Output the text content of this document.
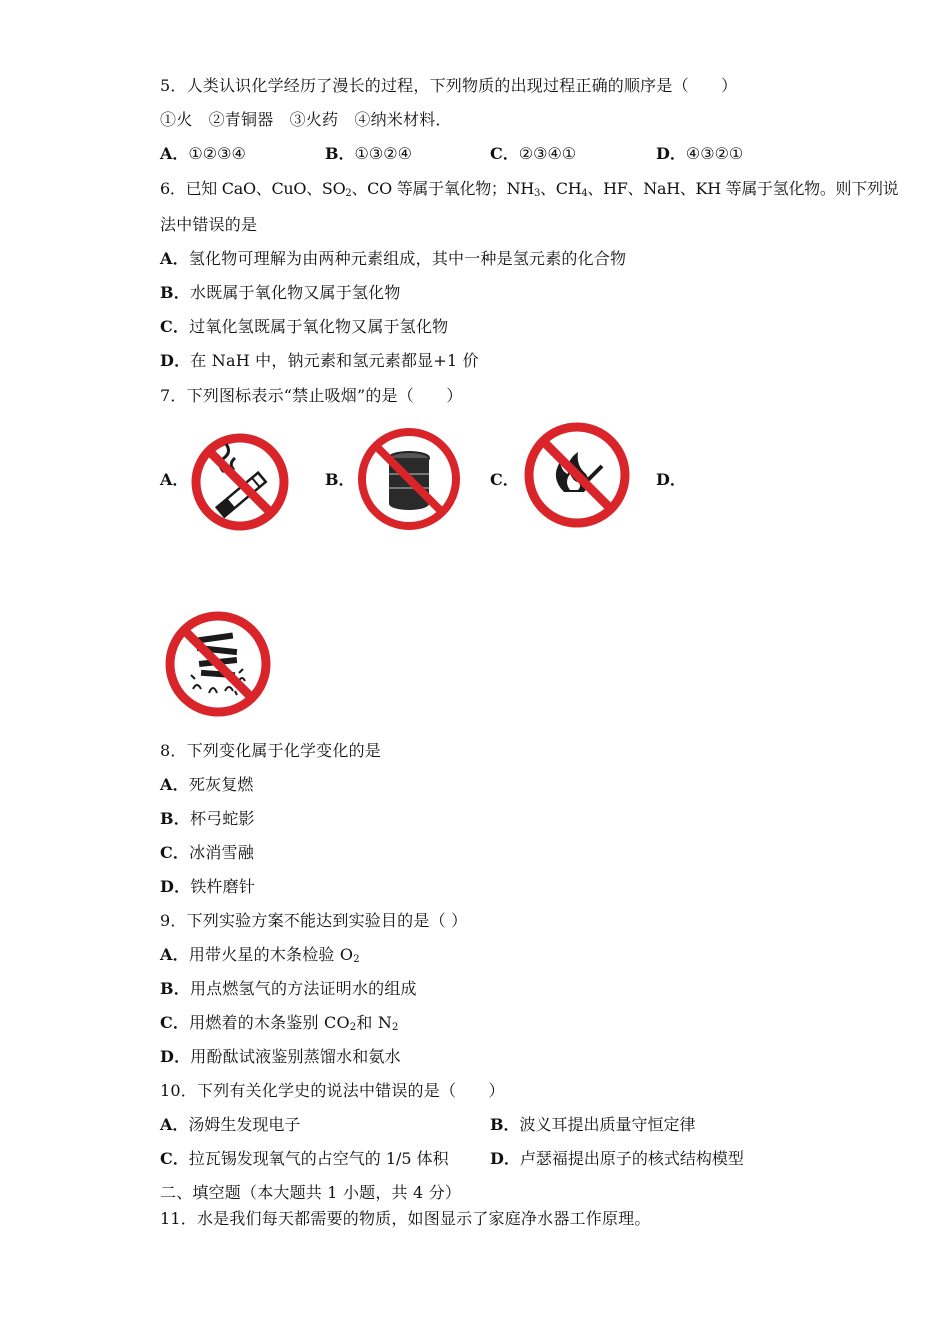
5．人类认识化学经历了漫长的过程，下列物质的出现过程正确的顺序是（　　）
①火　②青铜器　③火药　④纳米材料．
A．①②③④	B．①③②④	C．②③④①	D．④③②①
6．已知 CaO、CuO、$SO_2$、CO 等属于氧化物；$NH_3$、$CH_4$、HF、NaH、KH 等属于氢化物。则下列说
法中错误的是
A．氢化物可理解为由两种元素组成，其中一种是氢元素的化合物
B．水既属于氧化物又属于氢化物
C．过氧化氢既属于氧化物又属于氢化物
D．在 NaH 中，钠元素和氢元素都显+1 价
7．下列图标表示“禁止吸烟”的是（　　）
A．	B．	C．	D．
8．下列变化属于化学变化的是
A．死灰复燃
B．杯弓蛇影
C．冰消雪融
D．铁杵磨针
9．下列实验方案不能达到实验目的是（ ）
A．用带火星的木条检验 $O_2$
B．用点燃氢气的方法证明水的组成
C．用燃着的木条鉴别 $CO_2$和 $N_2$
D．用酚酞试液鉴别蒸馏水和氨水
10．下列有关化学史的说法中错误的是（　　）
A．汤姆生发现电子	B．波义耳提出质量守恒定律
C．拉瓦锡发现氧气的占空气的 1/5 体积	D．卢瑟福提出原子的核式结构模型
二、填空题（本大题共 1 小题，共 4 分）
11．水是我们每天都需要的物质，如图显示了家庭净水器工作原理。
